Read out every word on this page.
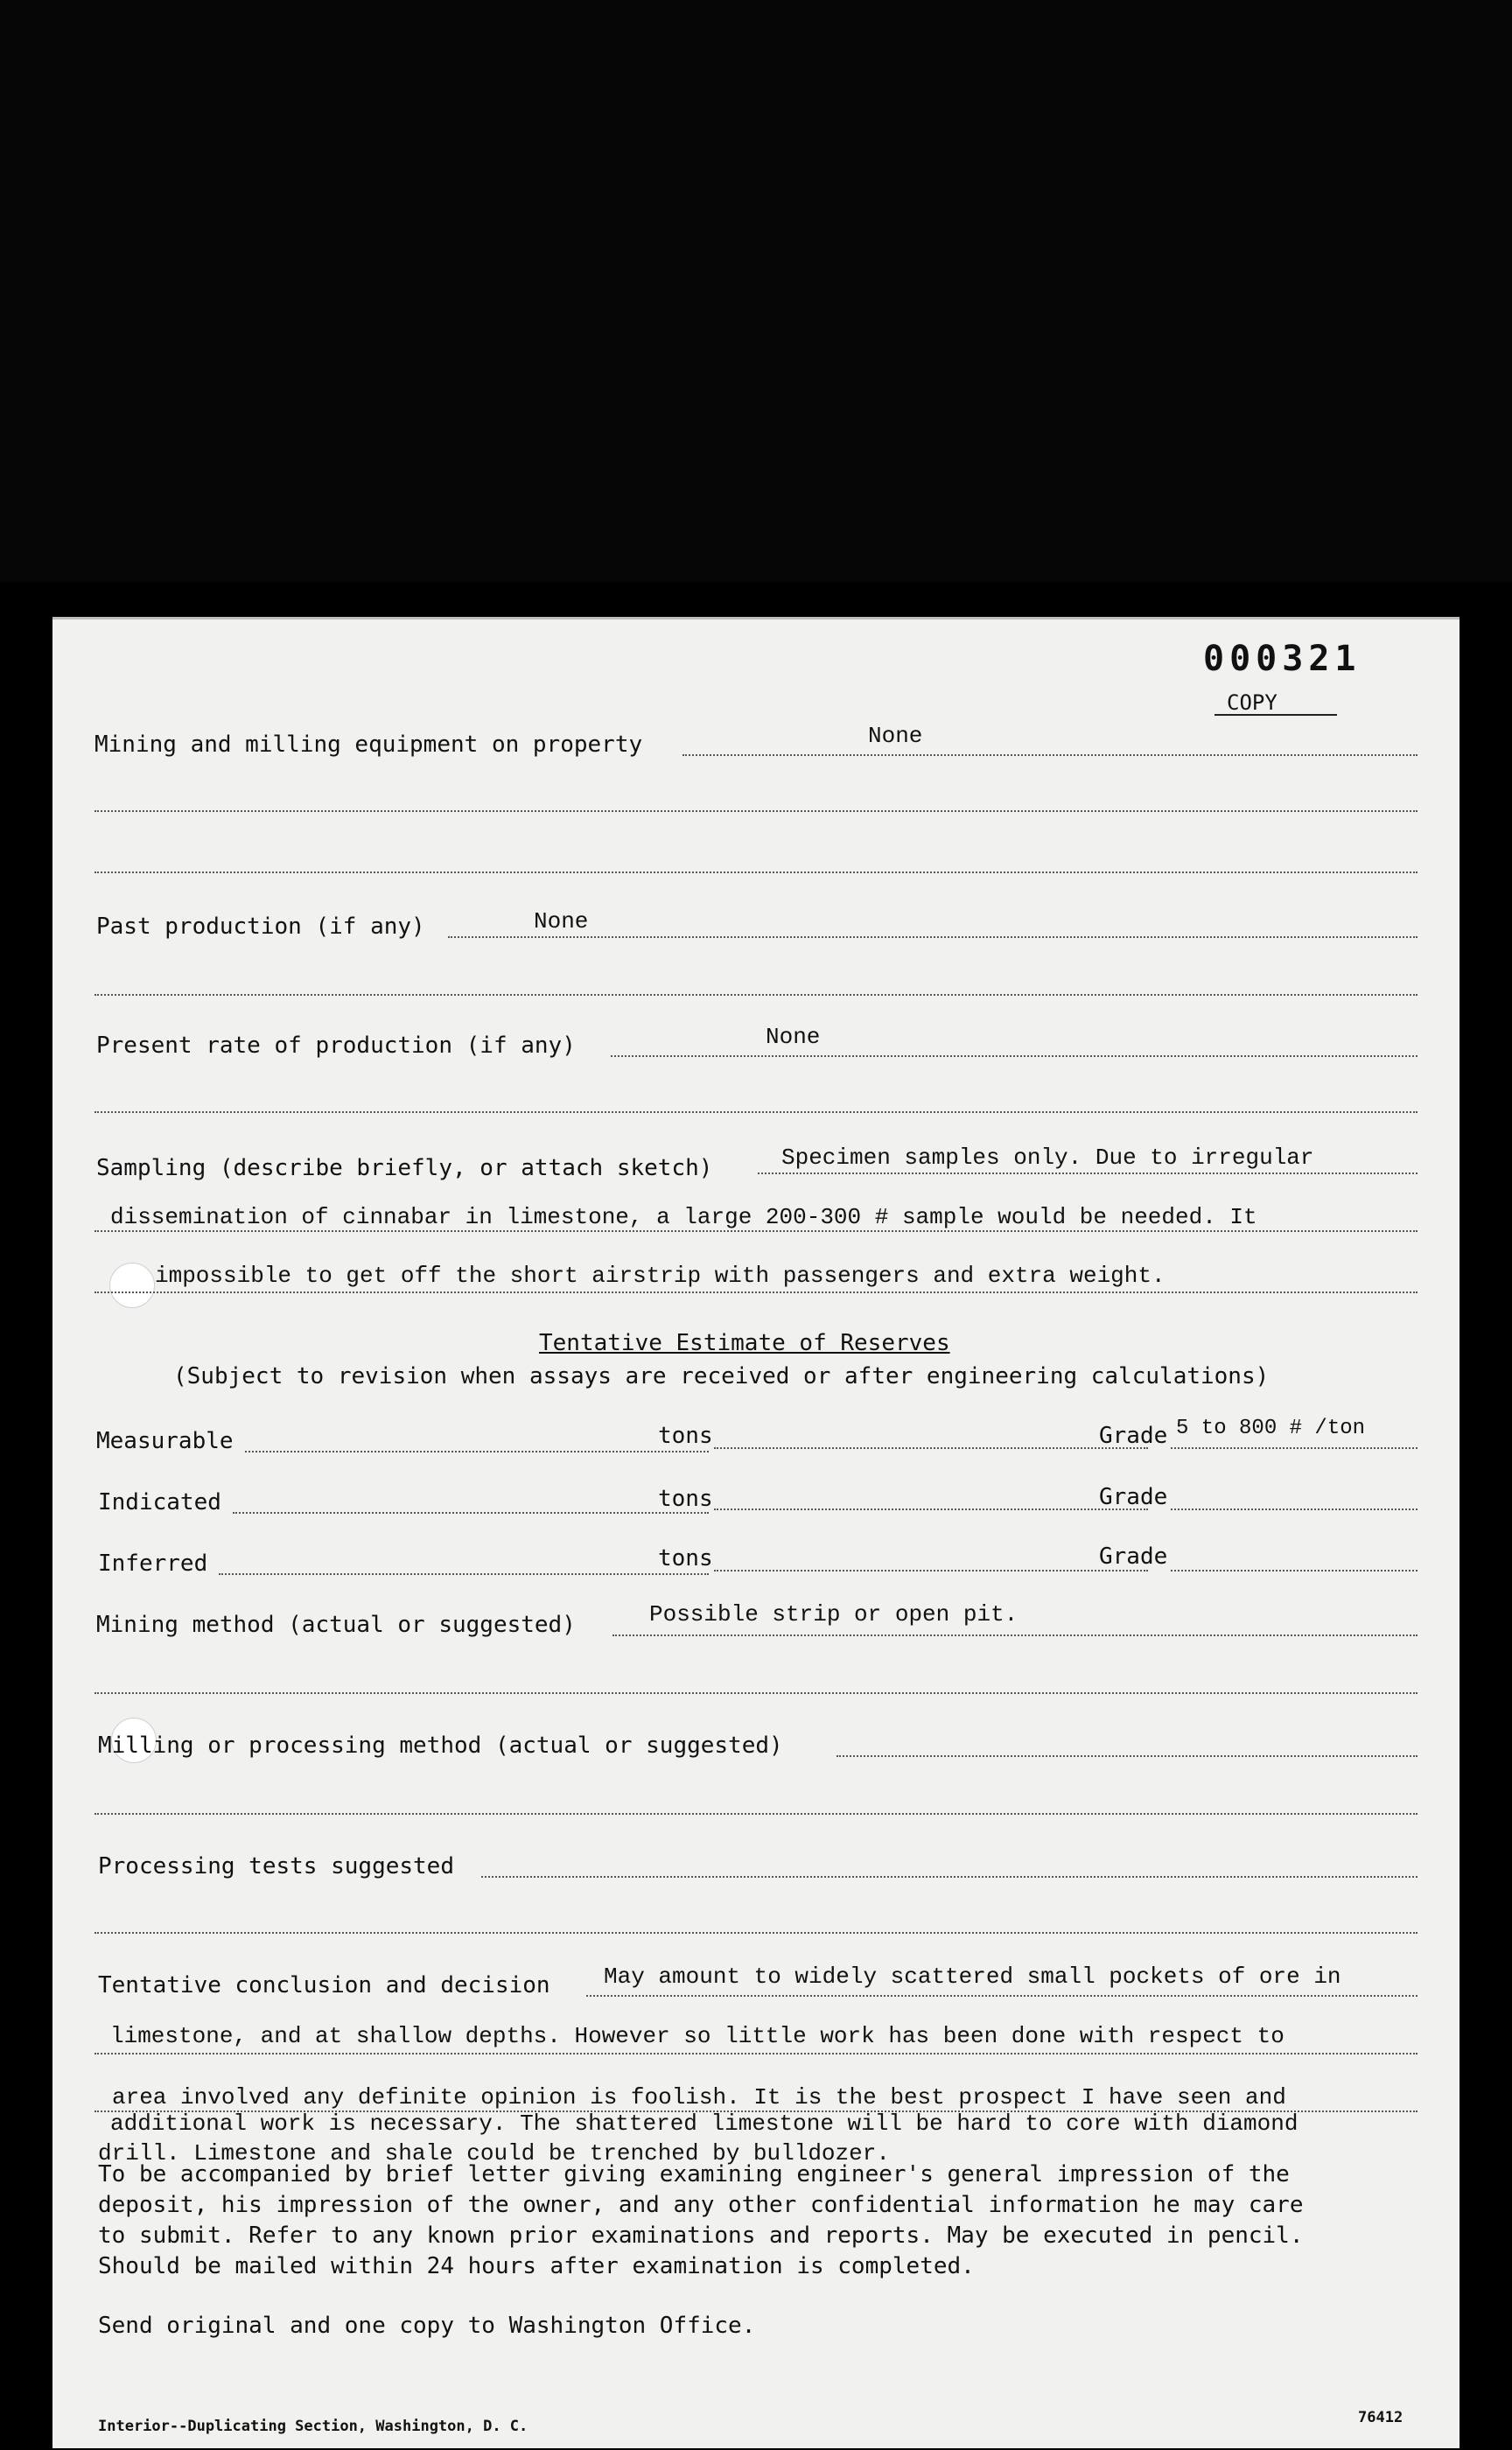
000321
COPY
Mining and milling equipment on property	None
Past production (if any)	None
Present rate of production (if any)	None
Sampling (describe briefly, or attach sketch)	Specimen samples only. Due to irregular
dissemination of cinnabar in limestone, a large 200-300 # sample would be needed. It
impossible to get off the short airstrip with passengers and extra weight.
Tentative Estimate of Reserves
(Subject to revision when assays are received or after engineering calculations)
Measurable	tons	Grade 5 to 800 # /ton
Indicated	tons	Grade
Inferred	tons	Grade
Mining method (actual or suggested)	Possible strip or open pit.
Milling or processing method (actual or suggested)
Processing tests suggested
Tentative conclusion and decision May amount to widely scattered small pockets of ore in
limestone, and at shallow depths. However so little work has been done with respect to
area involved any definite opinion is foolish. It is the best prospect I have seen and
additional work is necessary. The shattered limestone will be hard to core with diamond
drill. Limestone and shale could be trenched by bulldozer.
To be accompanied by brief letter giving examining engineer's general impression of the
deposit, his impression of the owner, and any other confidential information he may care
to submit. Refer to any known prior examinations and reports. May be executed in pencil.
Should be mailed within 24 hours after examination is completed.
Send original and one copy to Washington Office.
Interior--Duplicating Section, Washington, D. C.	76412
